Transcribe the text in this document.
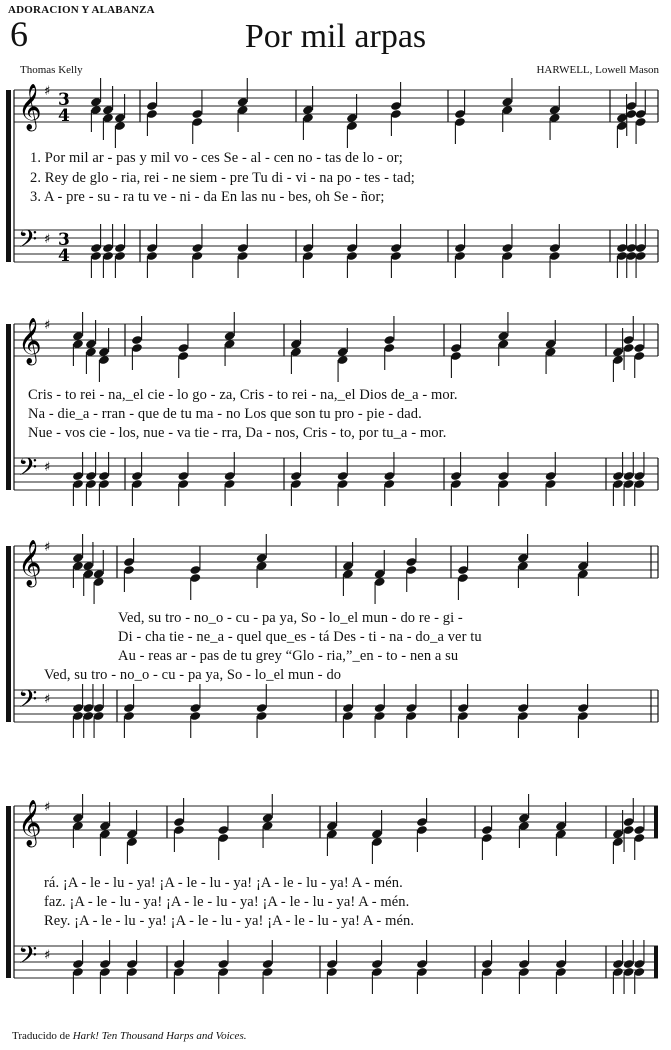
ADORACION Y ALABANZA
6	Por mil arpas
Thomas Kelly	HARWELL, Lowell Mason
𝄞
𝄢
♯
♯
3
4
3
4
𝄞
𝄢
♯
♯
𝄞
𝄢
♯
♯
𝄞
𝄢
♯
♯
1. Por mil ar - pas y mil vo - ces Se - al - cen no - tas de lo - or;
2. Rey de glo - ria, rei - ne siem - pre Tu di - vi - na po - tes - tad;
3. A - pre - su - ra tu ve - ni - da En las nu - bes, oh Se - ñor;
Cris - to rei - na,_el cie - lo go - za, Cris - to rei - na,_el Dios de_a - mor.
Na - die_a - rran - que de tu ma - no Los que son tu pro - pie - dad.
Nue - vos cie - los, nue - va tie - rra, Da - nos, Cris - to, por tu_a - mor.
Ved, su tro - no_o - cu - pa ya, So - lo_el mun - do re - gi -
Di - cha tie - ne_a - quel que_es - tá Des - ti - na - do_a ver tu
Au - reas ar - pas de tu grey “Glo - ria,”_en - to - nen a su
Ved, su tro - no_o - cu - pa ya, So - lo_el mun - do
rá. ¡A - le - lu - ya! ¡A - le - lu - ya! ¡A - le - lu - ya! A - mén.
faz. ¡A - le - lu - ya! ¡A - le - lu - ya! ¡A - le - lu - ya! A - mén.
Rey. ¡A - le - lu - ya! ¡A - le - lu - ya! ¡A - le - lu - ya! A - mén.
Traducido de Hark! Ten Thousand Harps and Voices.
